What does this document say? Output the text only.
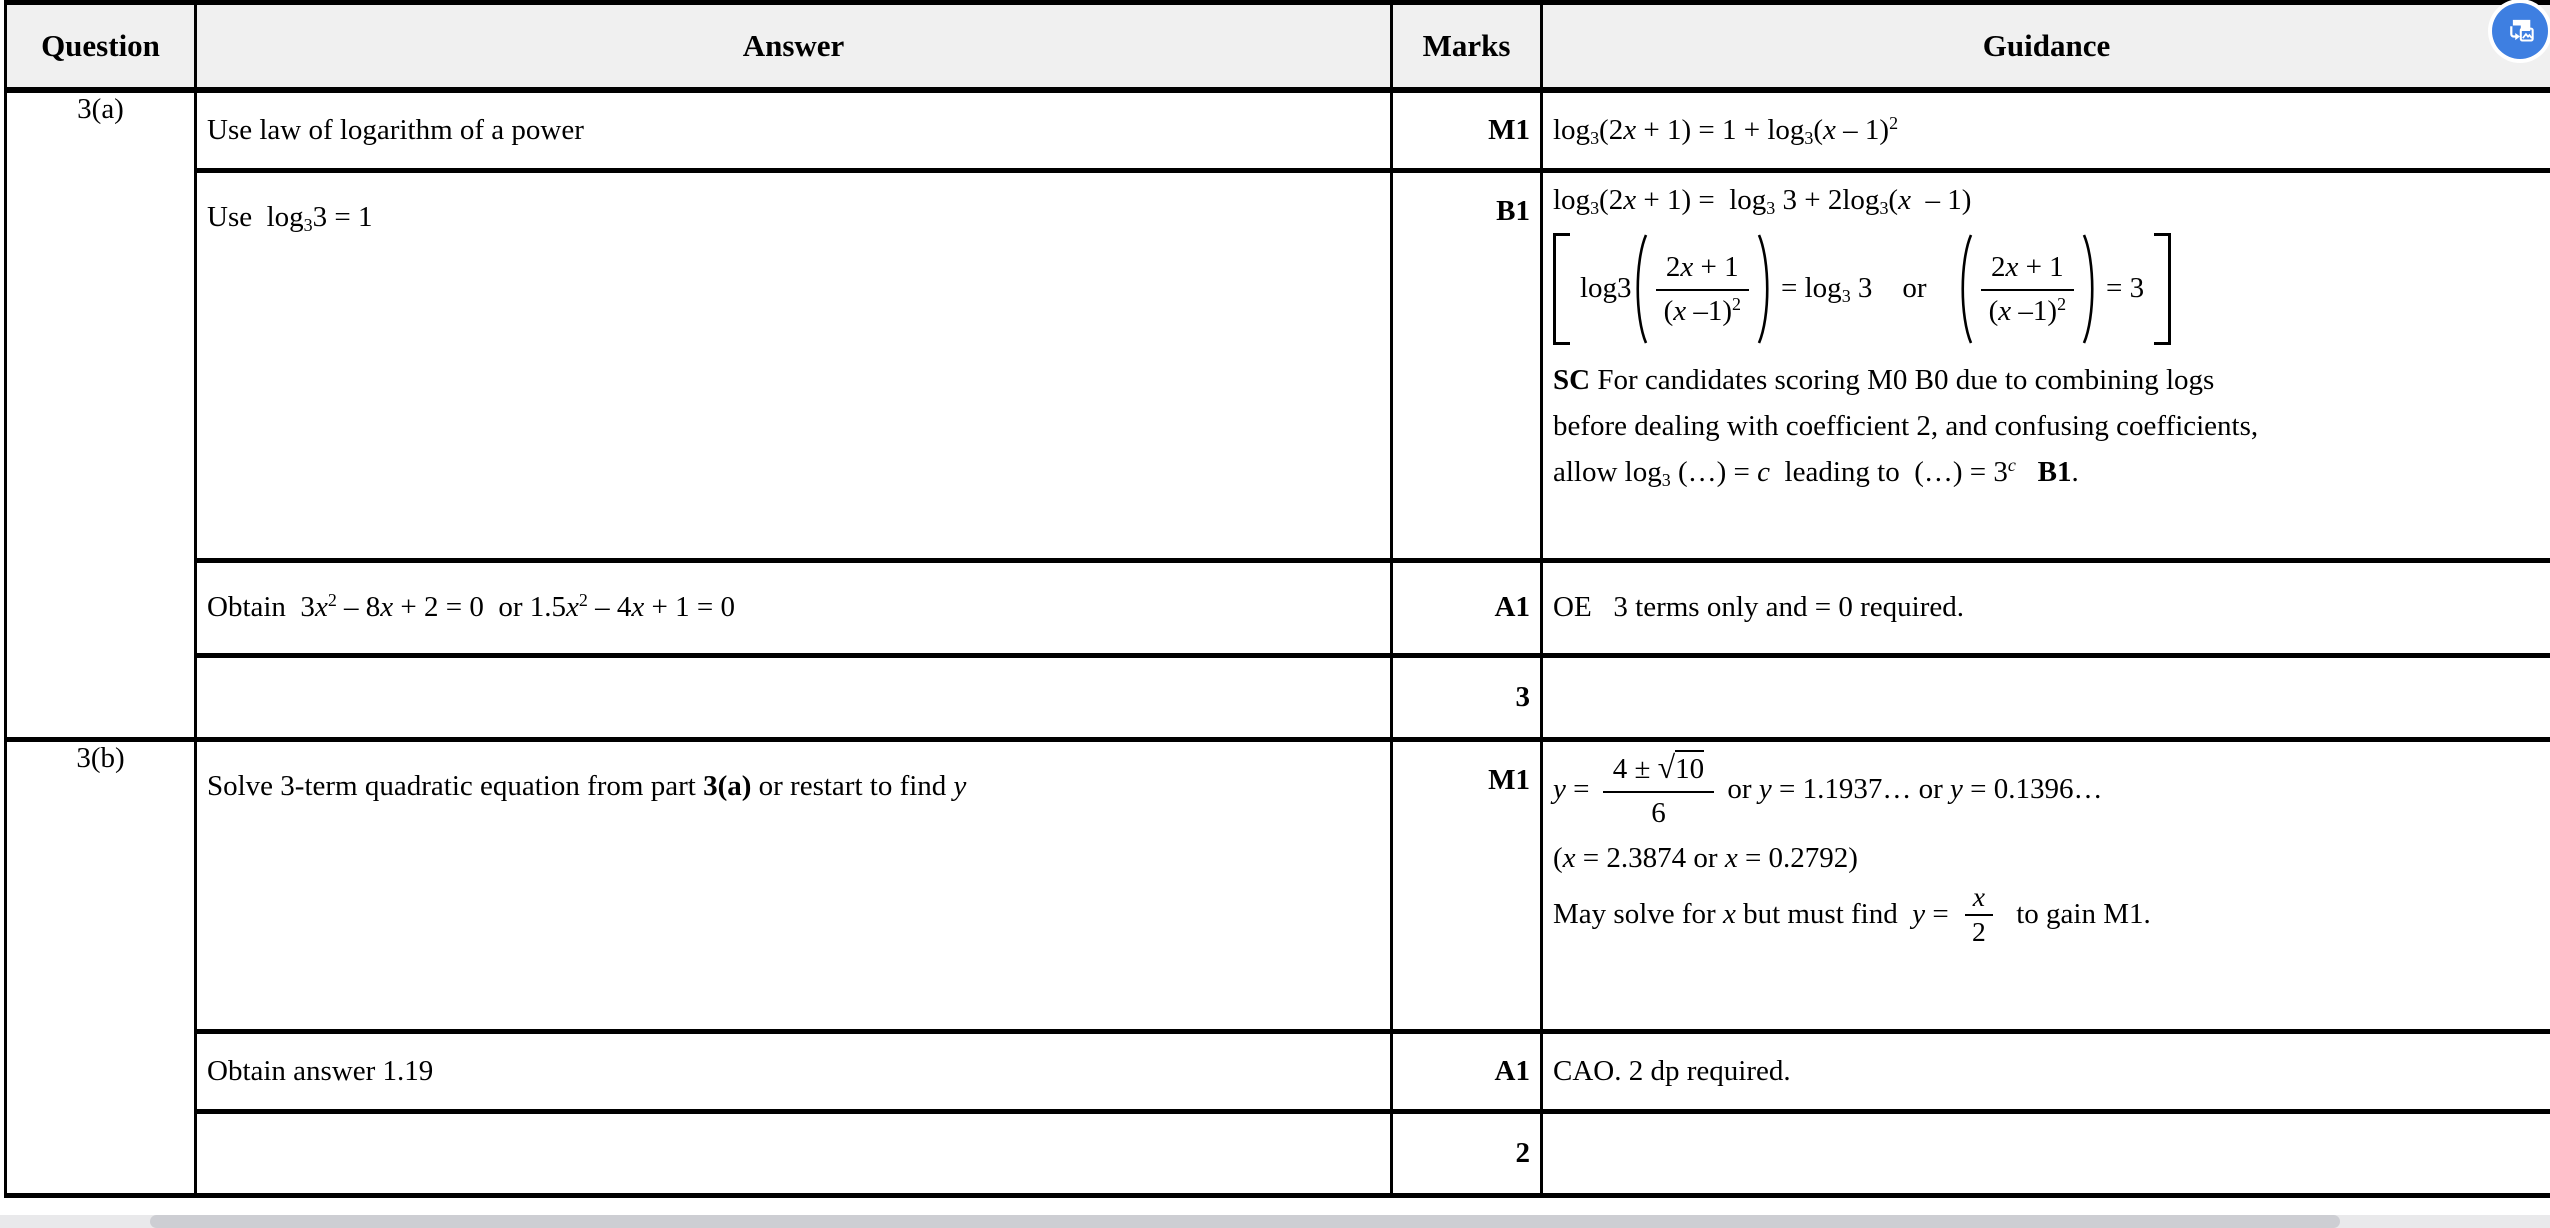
Question	Answer	Marks	Guidance
3(a)	Use law of logarithm of a power	M1	$\log_3(2x + 1) = 1 + \log_3(x - 1)^2$
Use  $\log_33 = 1$	B1	$\log_3(2x + 1) = \log_3 3 + 2\log_3(x - 1)$
$\log 3 \frac{2x + 1}{(x -1)^2} = \log_3 3$ or $\frac{2x + 1}{(x -1)^2} = 3$
SC For candidates scoring M0 B0 due to combining logs
before dealing with coefficient 2, and confusing coefficients,
allow $\log_3$ (…) = c  leading to  (…) = $3^c$ B1.

	Obtain  $3x^2 - 8x + 2 = 0$  or $1.5x^2 - 4x + 1 = 0$	A1	OE   3 terms only and = 0 required.
		3	
3(b)	Solve 3-term quadratic equation from part 3(a) or restart to find y	M1	$y = \frac{4 \pm √10}{6}$ or y = 1.1937… or y = 0.1396…
(x = 2.3874 or x = 0.2792)
May solve for x but must find  $y = \frac{x}{2}$ to gain M1.

	Obtain answer 1.19	A1	CAO. 2 dp required.
		2	
